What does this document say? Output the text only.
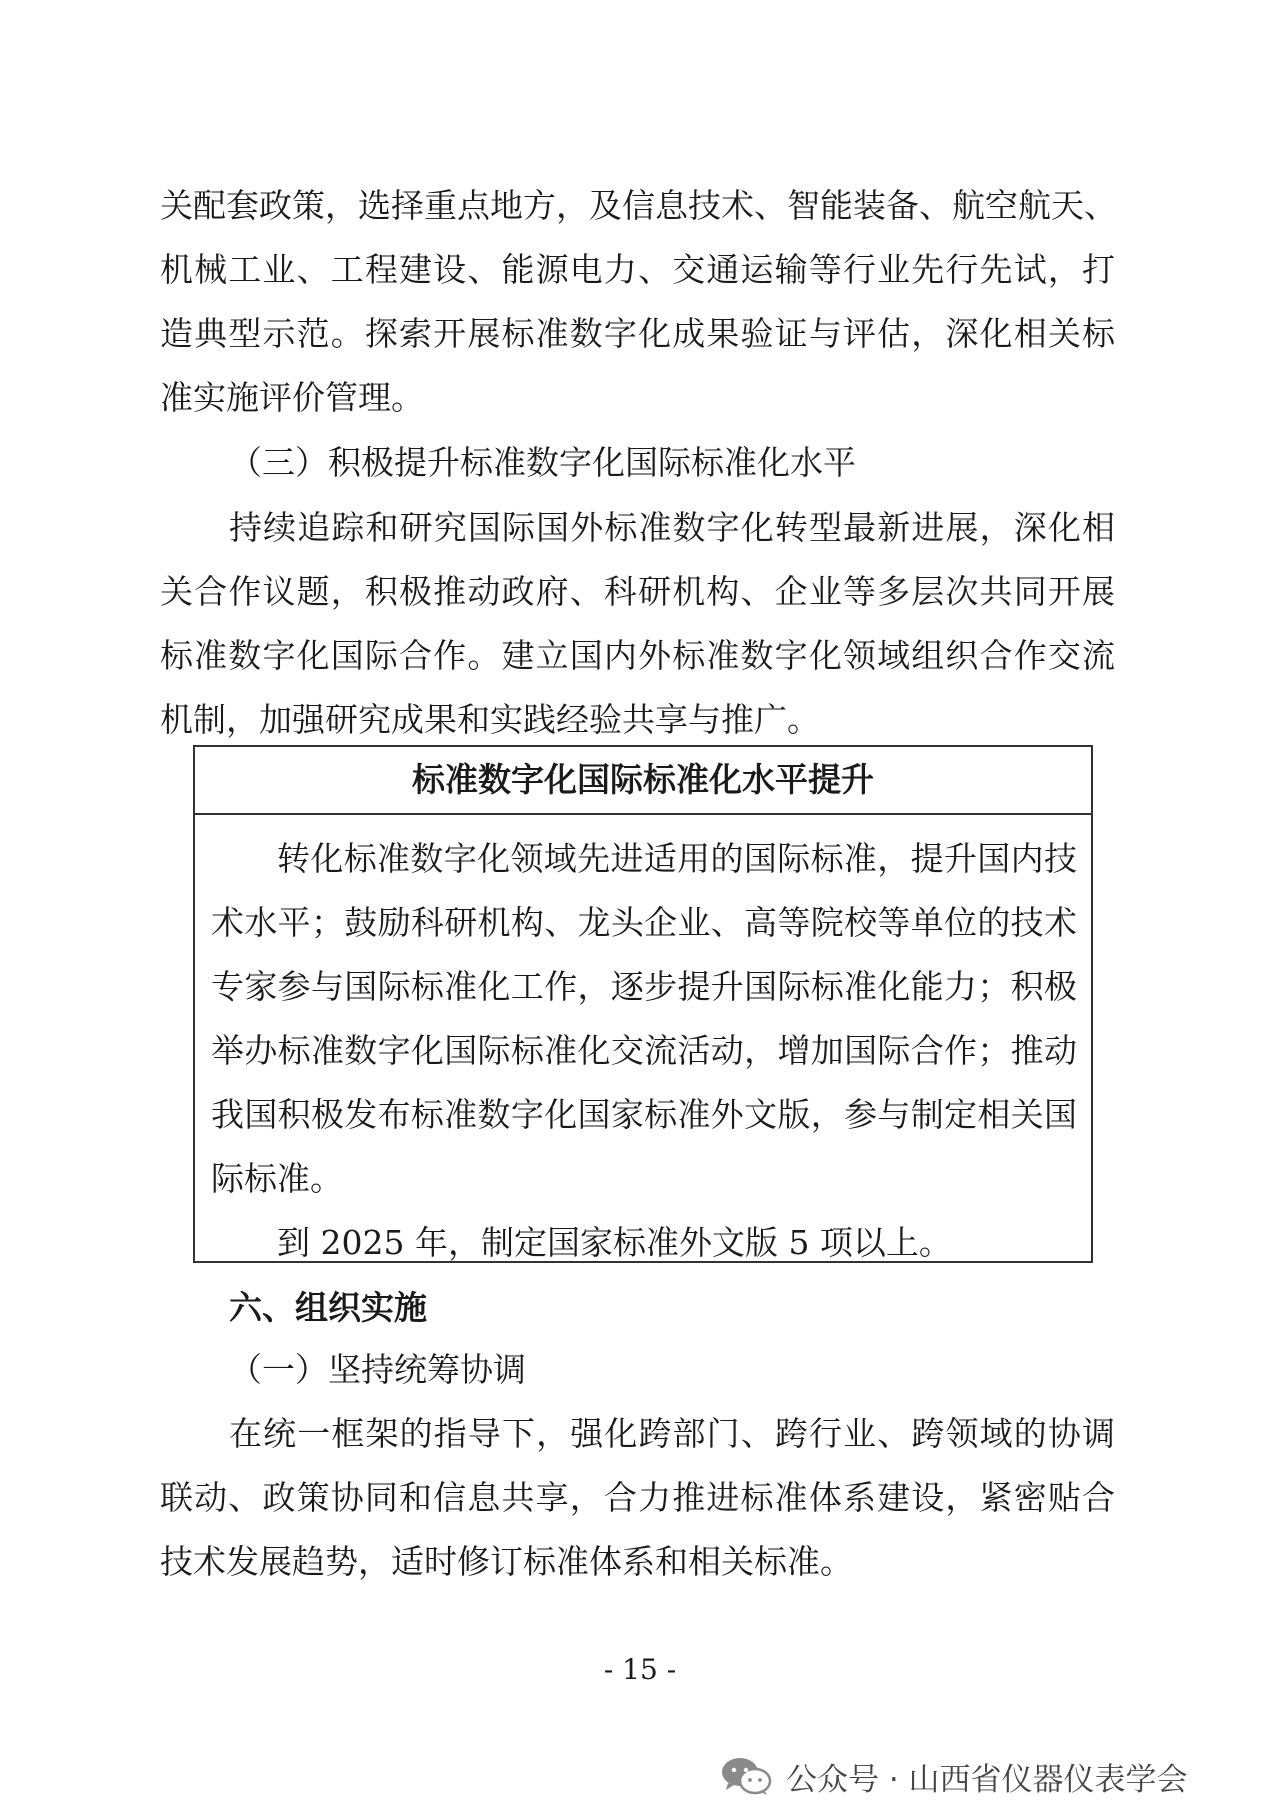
关配套政策，选择重点地方，及信息技术、智能装备、航空航天、
机械工业、工程建设、能源电力、交通运输等行业先行先试，打
造典型示范。探索开展标准数字化成果验证与评估，深化相关标
准实施评价管理。
（三）积极提升标准数字化国际标准化水平
持续追踪和研究国际国外标准数字化转型最新进展，深化相
关合作议题，积极推动政府、科研机构、企业等多层次共同开展
标准数字化国际合作。建立国内外标准数字化领域组织合作交流
机制，加强研究成果和实践经验共享与推广。
标准数字化国际标准化水平提升
转化标准数字化领域先进适用的国际标准，提升国内技
术水平；鼓励科研机构、龙头企业、高等院校等单位的技术
专家参与国际标准化工作，逐步提升国际标准化能力；积极
举办标准数字化国际标准化交流活动，增加国际合作；推动
我国积极发布标准数字化国家标准外文版，参与制定相关国
际标准。
到 2025 年，制定国家标准外文版 5 项以上。
六、组织实施
（一）坚持统筹协调
在统一框架的指导下，强化跨部门、跨行业、跨领域的协调
联动、政策协同和信息共享，合力推进标准体系建设，紧密贴合
技术发展趋势，适时修订标准体系和相关标准。
- 15 -
公众号 · 山西省仪器仪表学会
